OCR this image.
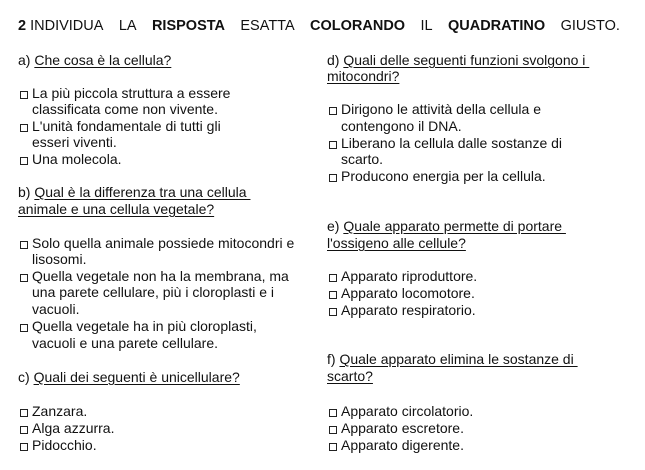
2 INDIVIDUA LA RISPOSTA ESATTA COLORANDO IL QUADRATINO GIUSTO.
a) Che cosa è la cellula?
La più piccola struttura a essere
classificata come non vivente.
L'unità fondamentale di tutti gli
esseri viventi.
Una molecola.
b) Qual è la differenza tra una cellula
animale e una cellula vegetale?
Solo quella animale possiede mitocondri e
lisosomi.
Quella vegetale non ha la membrana, ma
una parete cellulare, più i cloroplasti e i
vacuoli.
Quella vegetale ha in più cloroplasti,
vacuoli e una parete cellulare.
c) Quali dei seguenti è unicellulare?
Zanzara.
Alga azzurra.
Pidocchio.
d) Quali delle seguenti funzioni svolgono i
mitocondri?
Dirigono le attività della cellula e
contengono il DNA.
Liberano la cellula dalle sostanze di
scarto.
Producono energia per la cellula.
e) Quale apparato permette di portare
l'ossigeno alle cellule?
Apparato riproduttore.
Apparato locomotore.
Apparato respiratorio.
f) Quale apparato elimina le sostanze di
scarto?
Apparato circolatorio.
Apparato escretore.
Apparato digerente.
